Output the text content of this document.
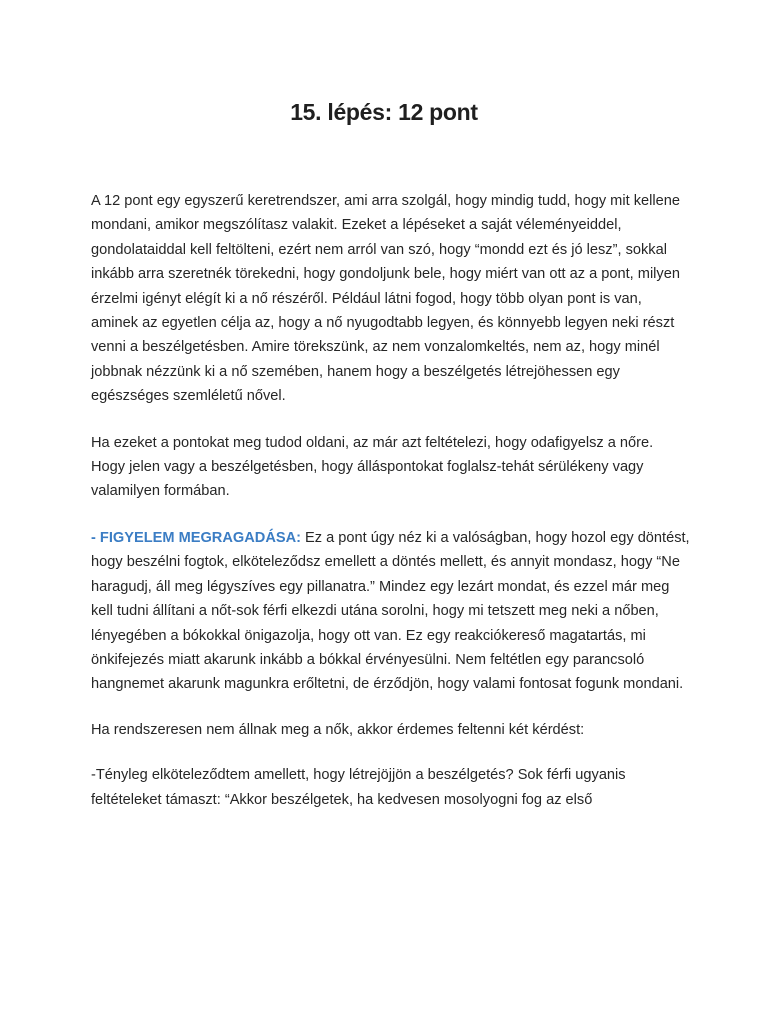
15. lépés: 12 pont

A 12 pont egy egyszerű keretrendszer, ami arra szolgál, hogy mindig tudd, hogy mit kellene mondani, amikor megszólítasz valakit. Ezeket a lépéseket a saját véleményeiddel, gondolataiddal kell feltölteni, ezért nem arról van szó, hogy “mondd ezt és jó lesz”, sokkal inkább arra szeretnék törekedni, hogy gondoljunk bele, hogy miért van ott az a pont, milyen érzelmi igényt elégít ki a nő részéről. Például látni fogod, hogy több olyan pont is van, aminek az egyetlen célja az, hogy a nő nyugodtabb legyen, és könnyebb legyen neki részt venni a beszélgetésben. Amire törekszünk, az nem vonzalomkeltés, nem az, hogy minél jobbnak nézzünk ki a nő szemében, hanem hogy a beszélgetés létrejöhessen egy egészséges szemléletű nővel.

Ha ezeket a pontokat meg tudod oldani, az már azt feltételezi, hogy odafigyelsz a nőre. Hogy jelen vagy a beszélgetésben, hogy álláspontokat foglalsz-tehát sérülékeny vagy valamilyen formában.

- FIGYELEM MEGRAGADÁSA: Ez a pont úgy néz ki a valóságban, hogy hozol egy döntést, hogy beszélni fogtok, elköteleződsz emellett a döntés mellett, és annyit mondasz, hogy “Ne haragudj, áll meg légyszíves egy pillanatra.” Mindez egy lezárt mondat, és ezzel már meg kell tudni állítani a nőt-sok férfi elkezdi utána sorolni, hogy mi tetszett meg neki a nőben, lényegében a bókokkal önigazolja, hogy ott van. Ez egy reakciókereső magatartás, mi önkifejezés miatt akarunk inkább a bókkal érvényesülni. Nem feltétlen egy parancsoló hangnemet akarunk magunkra erőltetni, de érződjön, hogy valami fontosat fogunk mondani.

Ha rendszeresen nem állnak meg a nők, akkor érdemes feltenni két kérdést:

-Tényleg elköteleződtem amellett, hogy létrejöjjön a beszélgetés? Sok férfi ugyanis feltételeket támaszt: “Akkor beszélgetek, ha kedvesen mosolyogni fog az első
